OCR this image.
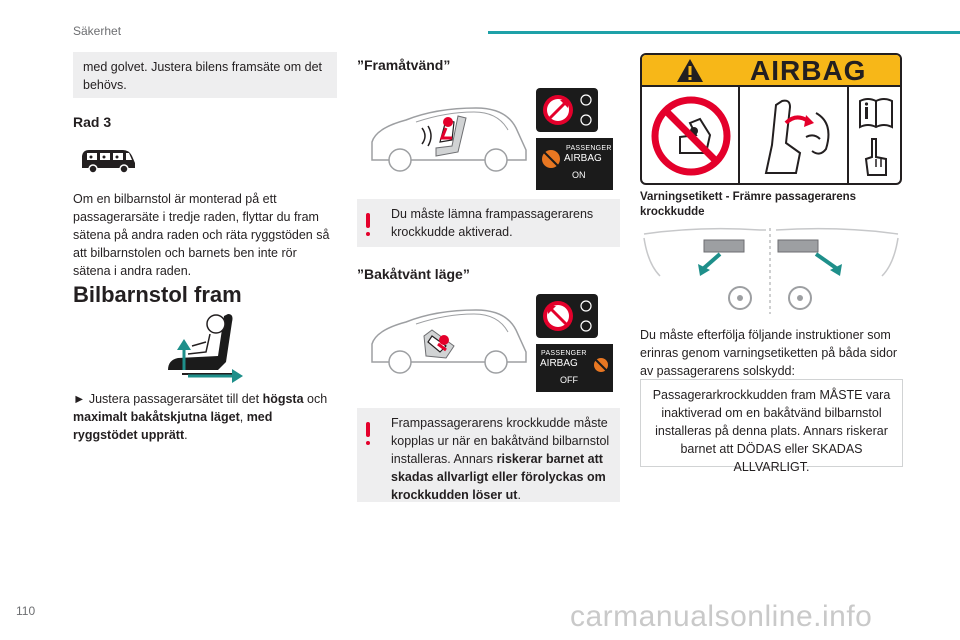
Säkerhet
med golvet. Justera bilens framsäte om det behövs.
Rad 3
Om en bilbarnstol är monterad på ett passagerarsäte i tredje raden, flyttar du fram sätena på andra raden och räta ryggstöden så att bilbarnstolen och barnets ben inte rör sätena i andra raden.
Bilbarnstol fram
► Justera passagerarsätet till det högsta och maximalt bakåtskjutna läget, med ryggstödet upprätt.
”Framåtvänd”
PASSENGER
AIRBAG
ON
Du måste lämna frampassagerarens krockkudde aktiverad.
”Bakåtvänt läge”
PASSENGER
AIRBAG
OFF
Frampassagerarens krockkudde måste kopplas ur när en bakåtvänd bilbarnstol installeras. Annars riskerar barnet att skadas allvarligt eller förolyckas om krockkudden löser ut.
AIRBAG
Varningsetikett - Främre passagerarens krockkudde
Du måste efterfölja följande instruktioner som erinras genom varningsetiketten på båda sidor av passagerarens solskydd:
Passagerarkrockkudden fram MÅSTE vara inaktiverad om en bakåtvänd bilbarnstol installeras på denna plats. Annars riskerar barnet att DÖDAS eller SKADAS ALLVARLIGT.
110	carmanualsonline.info
